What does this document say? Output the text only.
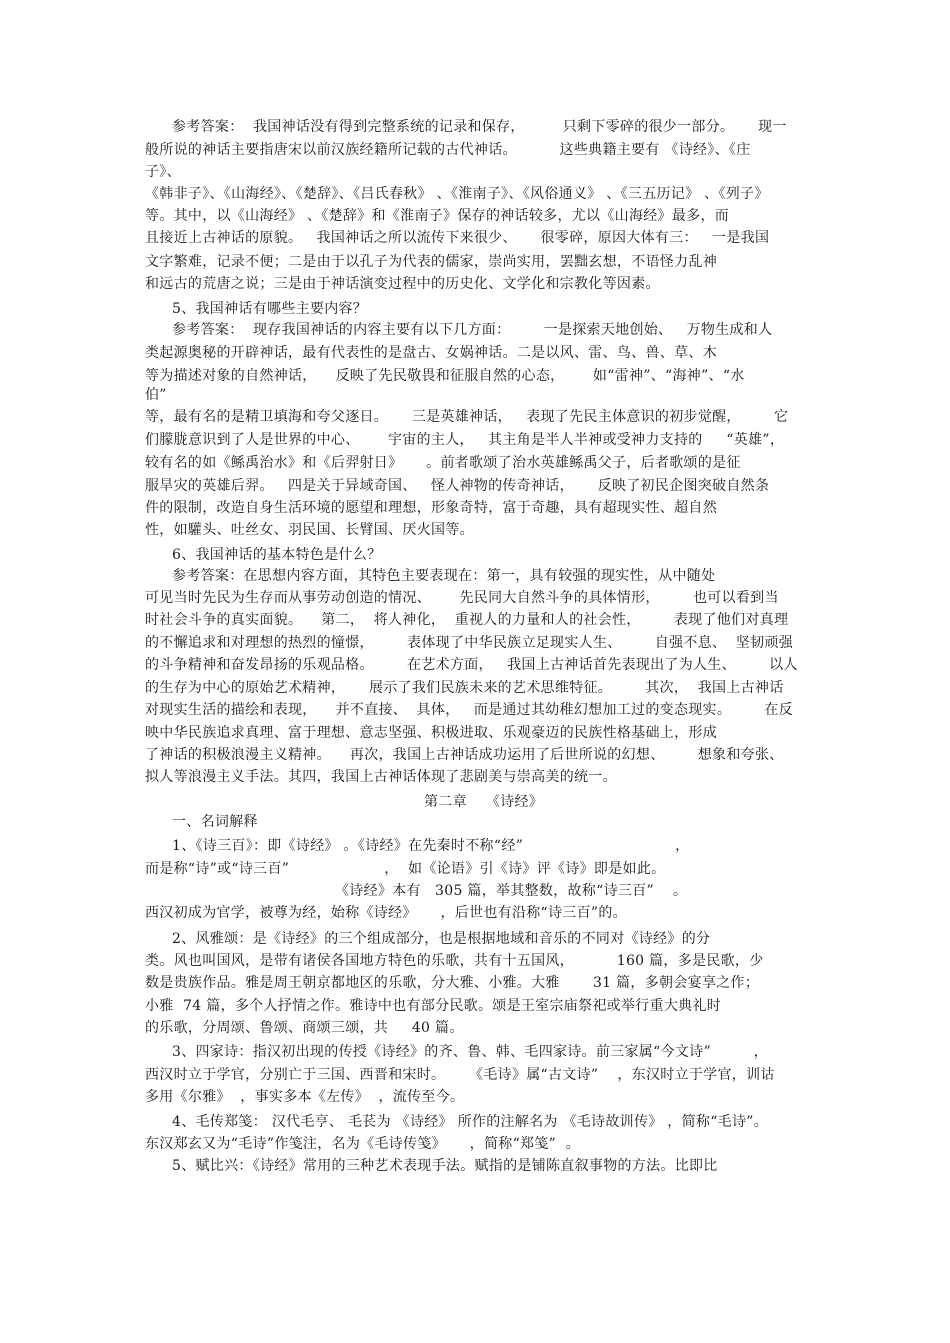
参考答案：  我国神话没有得到完整系统的记录和保存，        只剩下零碎的很少一部分。     现一
般所说的神话主要指唐宋以前汉族经籍所记载的古代神话。         这些典籍主要有 《诗经》、《庄
子》、
《韩非子》、《山海经》、《楚辞》、《吕氏春秋》 、《淮南子》、《风俗通义》 、《三五历记》 、《列子》
等。其中，以《山海经》 、《楚辞》和《淮南子》保存的神话较多，尤以《山海经》最多，而
且接近上古神话的原貌。   我国神话之所以流传下来很少、     很零碎，原因大体有三：   一是我国
文字繁难，记录不便；二是由于以孔子为代表的儒家，崇尚实用，罢黜玄想，不语怪力乱神
和远古的荒唐之说；三是由于神话演变过程中的历史化、文学化和宗教化等因素。
5、我国神话有哪些主要内容？
参考答案：  现存我国神话的内容主要有以下几方面：       一是探索天地创始、   万物生成和人
类起源奥秘的开辟神话，最有代表性的是盘古、女娲神话。二是以风、雷、鸟、兽、草、木
等为描述对象的自然神话，    反映了先民敬畏和征服自然的心态，      如“雷神”、“海神”、“水
伯”
等，最有名的是精卫填海和夸父逐日。     三是英雄神话，   表现了先民主体意识的初步觉醒，       它
们朦胧意识到了人是世界的中心、      宇宙的主人，   其主角是半人半神或受神力支持的     “英雄”，
较有名的如《鲧禹治水》和《后羿射日》     。前者歌颂了治水英雄鲧禹父子，后者歌颂的是征
服旱灾的英雄后羿。   四是关于异域奇国、   怪人神物的传奇神话，     反映了初民企图突破自然条
件的限制，改造自身生活环境的愿望和理想，形象奇特，富于奇趣，具有超现实性、超自然
性，如驩头、吐丝女、羽民国、长臂国、厌火国等。
6、我国神话的基本特色是什么？
参考答案：在思想内容方面，其特色主要表现在：第一，具有较强的现实性，从中随处
可见当时先民为生存而从事劳动创造的情况、      先民同大自然斗争的具体情形，       也可以看到当
时社会斗争的真实面貌。    第二，  将人神化，  重视人的力量和人的社会性，       表现了他们对真理
的不懈追求和对理想的热烈的憧憬，       表体现了中华民族立足现实人生、       自强不息、  坚韧顽强
的斗争精神和奋发昂扬的乐观品格。       在艺术方面，   我国上古神话首先表现出了为人生、       以人
的生存为中心的原始艺术精神，     展示了我们民族未来的艺术思维特征。       其次，  我国上古神话
对现实生活的描绘和表现，    并不直接、  具体，   而是通过其幼稚幻想加工过的变态现实。       在反
映中华民族追求真理、富于理想、意志坚强、积极进取、乐观豪迈的民族性格基础上，形成
了神话的积极浪漫主义精神。    再次，我国上古神话成功运用了后世所说的幻想、       想象和夸张、
拟人等浪漫主义手法。其四，我国上古神话体现了悲剧美与崇高美的统一。
第二章    《诗经》
一、名词解释
1、《诗三百》：即《诗经》 。《诗经》在先秦时不称“经”                                ，
而是称“诗”或“诗三百”                    ，  如《论语》引《诗》评《诗》即是如此。
《诗经》本有   305 篇，举其整数，故称“诗三百”    。
西汉初成为官学，被尊为经，始称《诗经》     ，后世也有沿称“诗三百”的。
2、风雅颂：是《诗经》的三个组成部分，也是根据地域和音乐的不同对《诗经》的分
类。风也叫国风，是带有诸侯各国地方特色的乐歌，共有十五国风，         160 篇，多是民歌，少
数是贵族作品。雅是周王朝京都地区的乐歌，分大雅、小雅。大雅       31 篇，多朝会宴享之作；
小雅  74 篇，多个人抒情之作。雅诗中也有部分民歌。颂是王室宗庙祭祀或举行重大典礼时
的乐歌，分周颂、鲁颂、商颂三颂，共     40 篇。
3、四家诗：指汉初出现的传授《诗经》的齐、鲁、韩、毛四家诗。前三家属“今文诗”         ，
西汉时立于学官，分别亡于三国、西晋和宋时。     《毛诗》属“古文诗”    ，东汉时立于学官，训诂
多用《尔雅》  ，事实多本《左传》  ，流传至今。
4、毛传郑笺： 汉代毛亨、 毛苌为 《诗经》 所作的注解名为 《毛诗故训传》 ，简称“毛诗”。
东汉郑玄又为“毛诗”作笺注，名为《毛诗传笺》     ，简称“郑笺”  。
5、赋比兴：《诗经》常用的三种艺术表现手法。赋指的是铺陈直叙事物的方法。比即比
